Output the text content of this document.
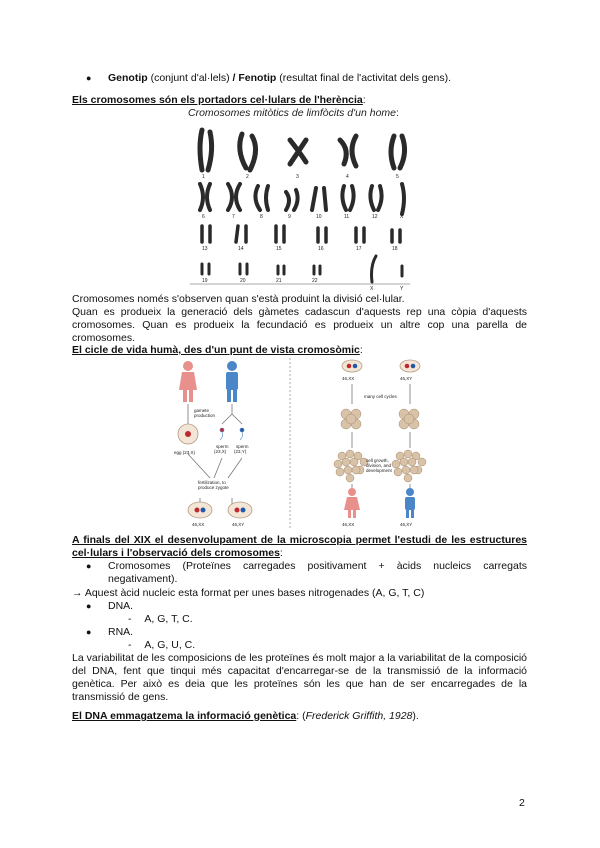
● Genotip (conjunt d'al·lels) / Fenotip (resultat final de l'activitat dels gens).
Els cromosomes són els portadors cel·lulars de l'herència:
Cromosomes mitòtics de limfòcits d'un home:
1	2	3	4	5
6	7	8	9	10	11	12	X
13	14	15	16	17	18
19	20	21	22
X	Y
Cromosomes només s'observen quan s'està produint la divisió cel·lular.
Quan es produeix la generació dels gàmetes cadascun d'aquests rep una còpia d'aquests cromosomes. Quan es produeix la fecundació es produeix un altre cop una parella de cromosomes.
El cicle de vida humà, des d'un punt de vista cromosòmic:
gamete production
egg (23,X)
sperm (23,X)
sperm (23,Y)
fertilization, to produce zygote
46,XX	46,XY
46,XX	46,XY
many cell cycles
cell growth, division, and development
46,XX	46,XY
A finals del XIX el desenvolupament de la microscopia permet l'estudi de les estructures cel·lulars i l'observació dels cromosomes:
● Cromosomes (Proteïnes carregades positivament + àcids nucleics carregats negativament).
→ Aquest àcid nucleic esta format per unes bases nitrogenades (A, G, T, C)
● DNA.
- A, G, T, C.
● RNA.
- A, G, U, C.
La variabilitat de les composicions de les proteïnes és molt major a la variabilitat de la composició del DNA, fent que tinqui més capacitat d'encarregar-se de la transmissió de la informació genètica. Per això es deia que les proteïnes són les que han de ser encarregades de la transmissió de gens.
El DNA emmagatzema la informació genètica: (Frederick Griffith, 1928).
2
